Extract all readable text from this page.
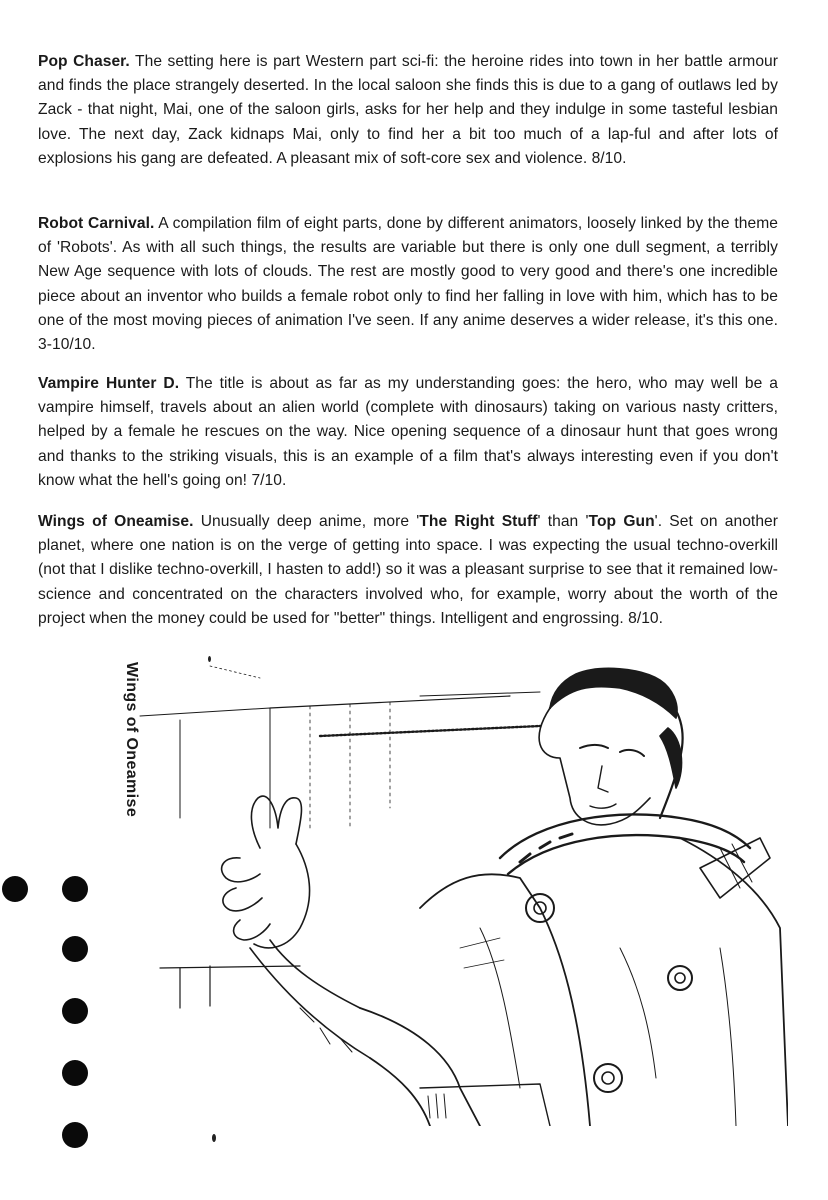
Pop Chaser. The setting here is part Western part sci-fi: the heroine rides into town in her battle armour and finds the place strangely deserted. In the local saloon she finds this is due to a gang of outlaws led by Zack - that night, Mai, one of the saloon girls, asks for her help and they indulge in some tasteful lesbian love. The next day, Zack kidnaps Mai, only to find her a bit too much of a lap-ful and after lots of explosions his gang are defeated. A pleasant mix of soft-core sex and violence. 8/10.

Robot Carnival. A compilation film of eight parts, done by different animators, loosely linked by the theme of 'Robots'. As with all such things, the results are variable but there is only one dull segment, a terribly New Age sequence with lots of clouds. The rest are mostly good to very good and there's one incredible piece about an inventor who builds a female robot only to find her falling in love with him, which has to be one of the most moving pieces of animation I've seen. If any anime deserves a wider release, it's this one. 3-10/10.

Vampire Hunter D. The title is about as far as my understanding goes: the hero, who may well be a vampire himself, travels about an alien world (complete with dinosaurs) taking on various nasty critters, helped by a female he rescues on the way. Nice opening sequence of a dinosaur hunt that goes wrong and thanks to the striking visuals, this is an example of a film that's always interesting even if you don't know what the hell's going on! 7/10.

Wings of Oneamise. Unusually deep anime, more 'The Right Stuff' than 'Top Gun'. Set on another planet, where one nation is on the verge of getting into space. I was expecting the usual techno-overkill (not that I dislike techno-overkill, I hasten to add!) so it was a pleasant surprise to see that it remained low-science and concentrated on the characters involved who, for example, worry about the worth of the project when the money could be used for "better" things. Intelligent and engrossing. 8/10.

Wings of Oneamise
